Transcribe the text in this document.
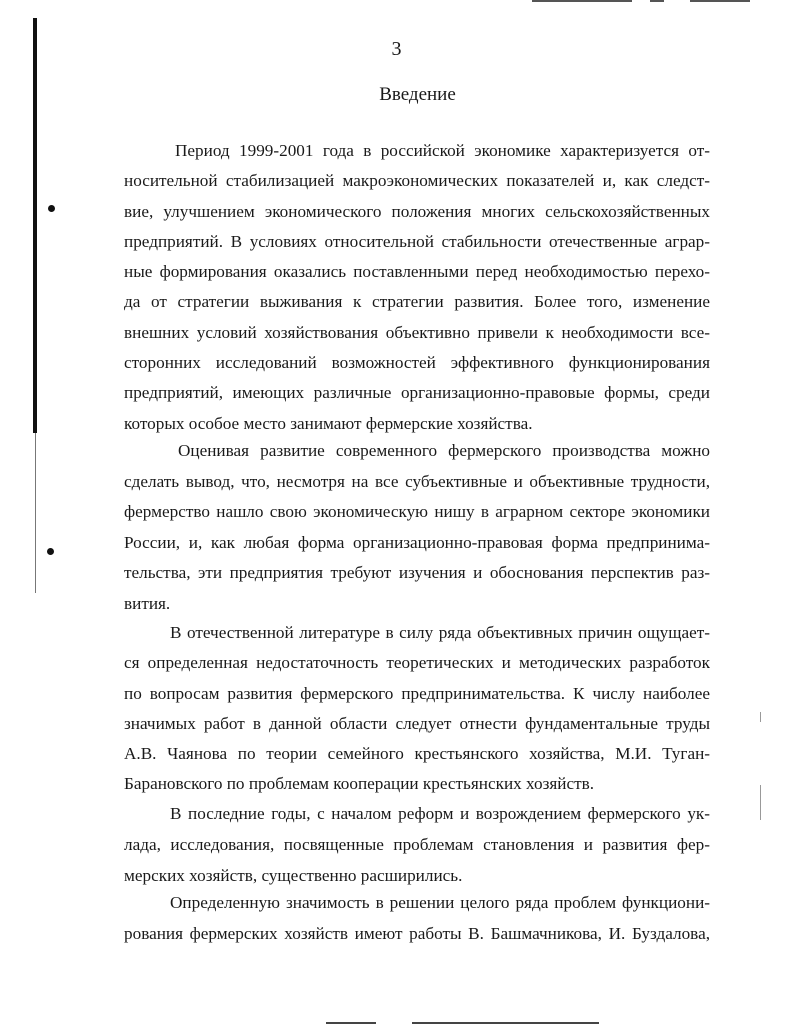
3
Введение
Период 1999-2001 года в российской экономике характеризуется от-
носительной стабилизацией макроэкономических показателей и, как следст-
вие, улучшением экономического положения многих сельскохозяйственных
предприятий. В условиях относительной стабильности отечественные аграр-
ные формирования оказались поставленными перед необходимостью перехо-
да от стратегии выживания к стратегии развития. Более того, изменение
внешних условий хозяйствования объективно привели к необходимости все-
сторонних исследований возможностей эффективного функционирования
предприятий, имеющих различные организационно-правовые формы, среди
которых особое место занимают фермерские хозяйства.
Оценивая развитие современного фермерского производства можно
сделать вывод, что, несмотря на все субъективные и объективные трудности,
фермерство нашло свою экономическую нишу в аграрном секторе экономики
России, и, как любая форма организационно-правовая форма предпринима-
тельства, эти предприятия требуют изучения и обоснования перспектив раз-
вития.
В отечественной литературе в силу ряда объективных причин ощущает-
ся определенная недостаточность теоретических и методических разработок
по вопросам развития фермерского предпринимательства. К числу наиболее
значимых работ в данной области следует отнести фундаментальные труды
А.В. Чаянова по теории семейного крестьянского хозяйства, М.И. Туган-
Барановского по проблемам кооперации крестьянских хозяйств.
В последние годы, с началом реформ и возрождением фермерского ук-
лада, исследования, посвященные проблемам становления и развития фер-
мерских хозяйств, существенно расширились.
Определенную значимость в решении целого ряда проблем функциони-
рования фермерских хозяйств имеют работы В. Башмачникова, И. Буздалова,
